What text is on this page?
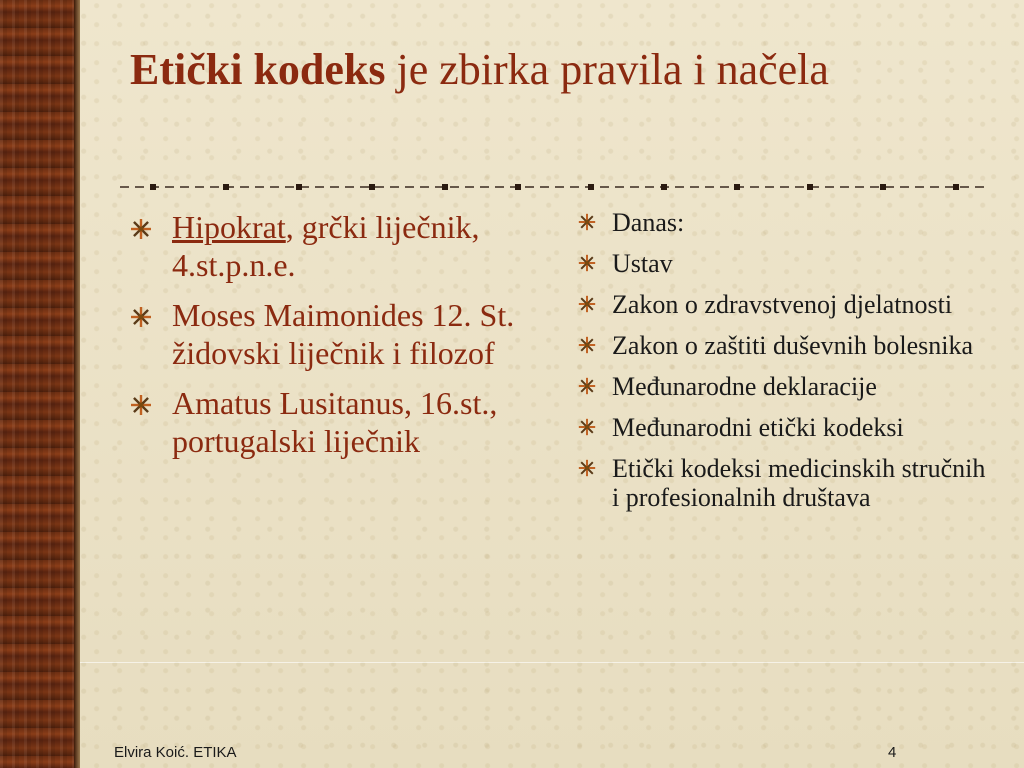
Etički kodeks je zbirka pravila i načela
Hipokrat, grčki liječnik, 4.st.p.n.e.
Moses Maimonides 12. St. židovski liječnik i filozof
Amatus Lusitanus, 16.st., portugalski liječnik
Danas:
Ustav
Zakon o zdravstvenoj djelatnosti
Zakon o zaštiti duševnih bolesnika
Međunarodne deklaracije
Međunarodni etički kodeksi
Etički kodeksi medicinskih stručnih i profesionalnih društava
Elvira Koić. ETIKA	4
